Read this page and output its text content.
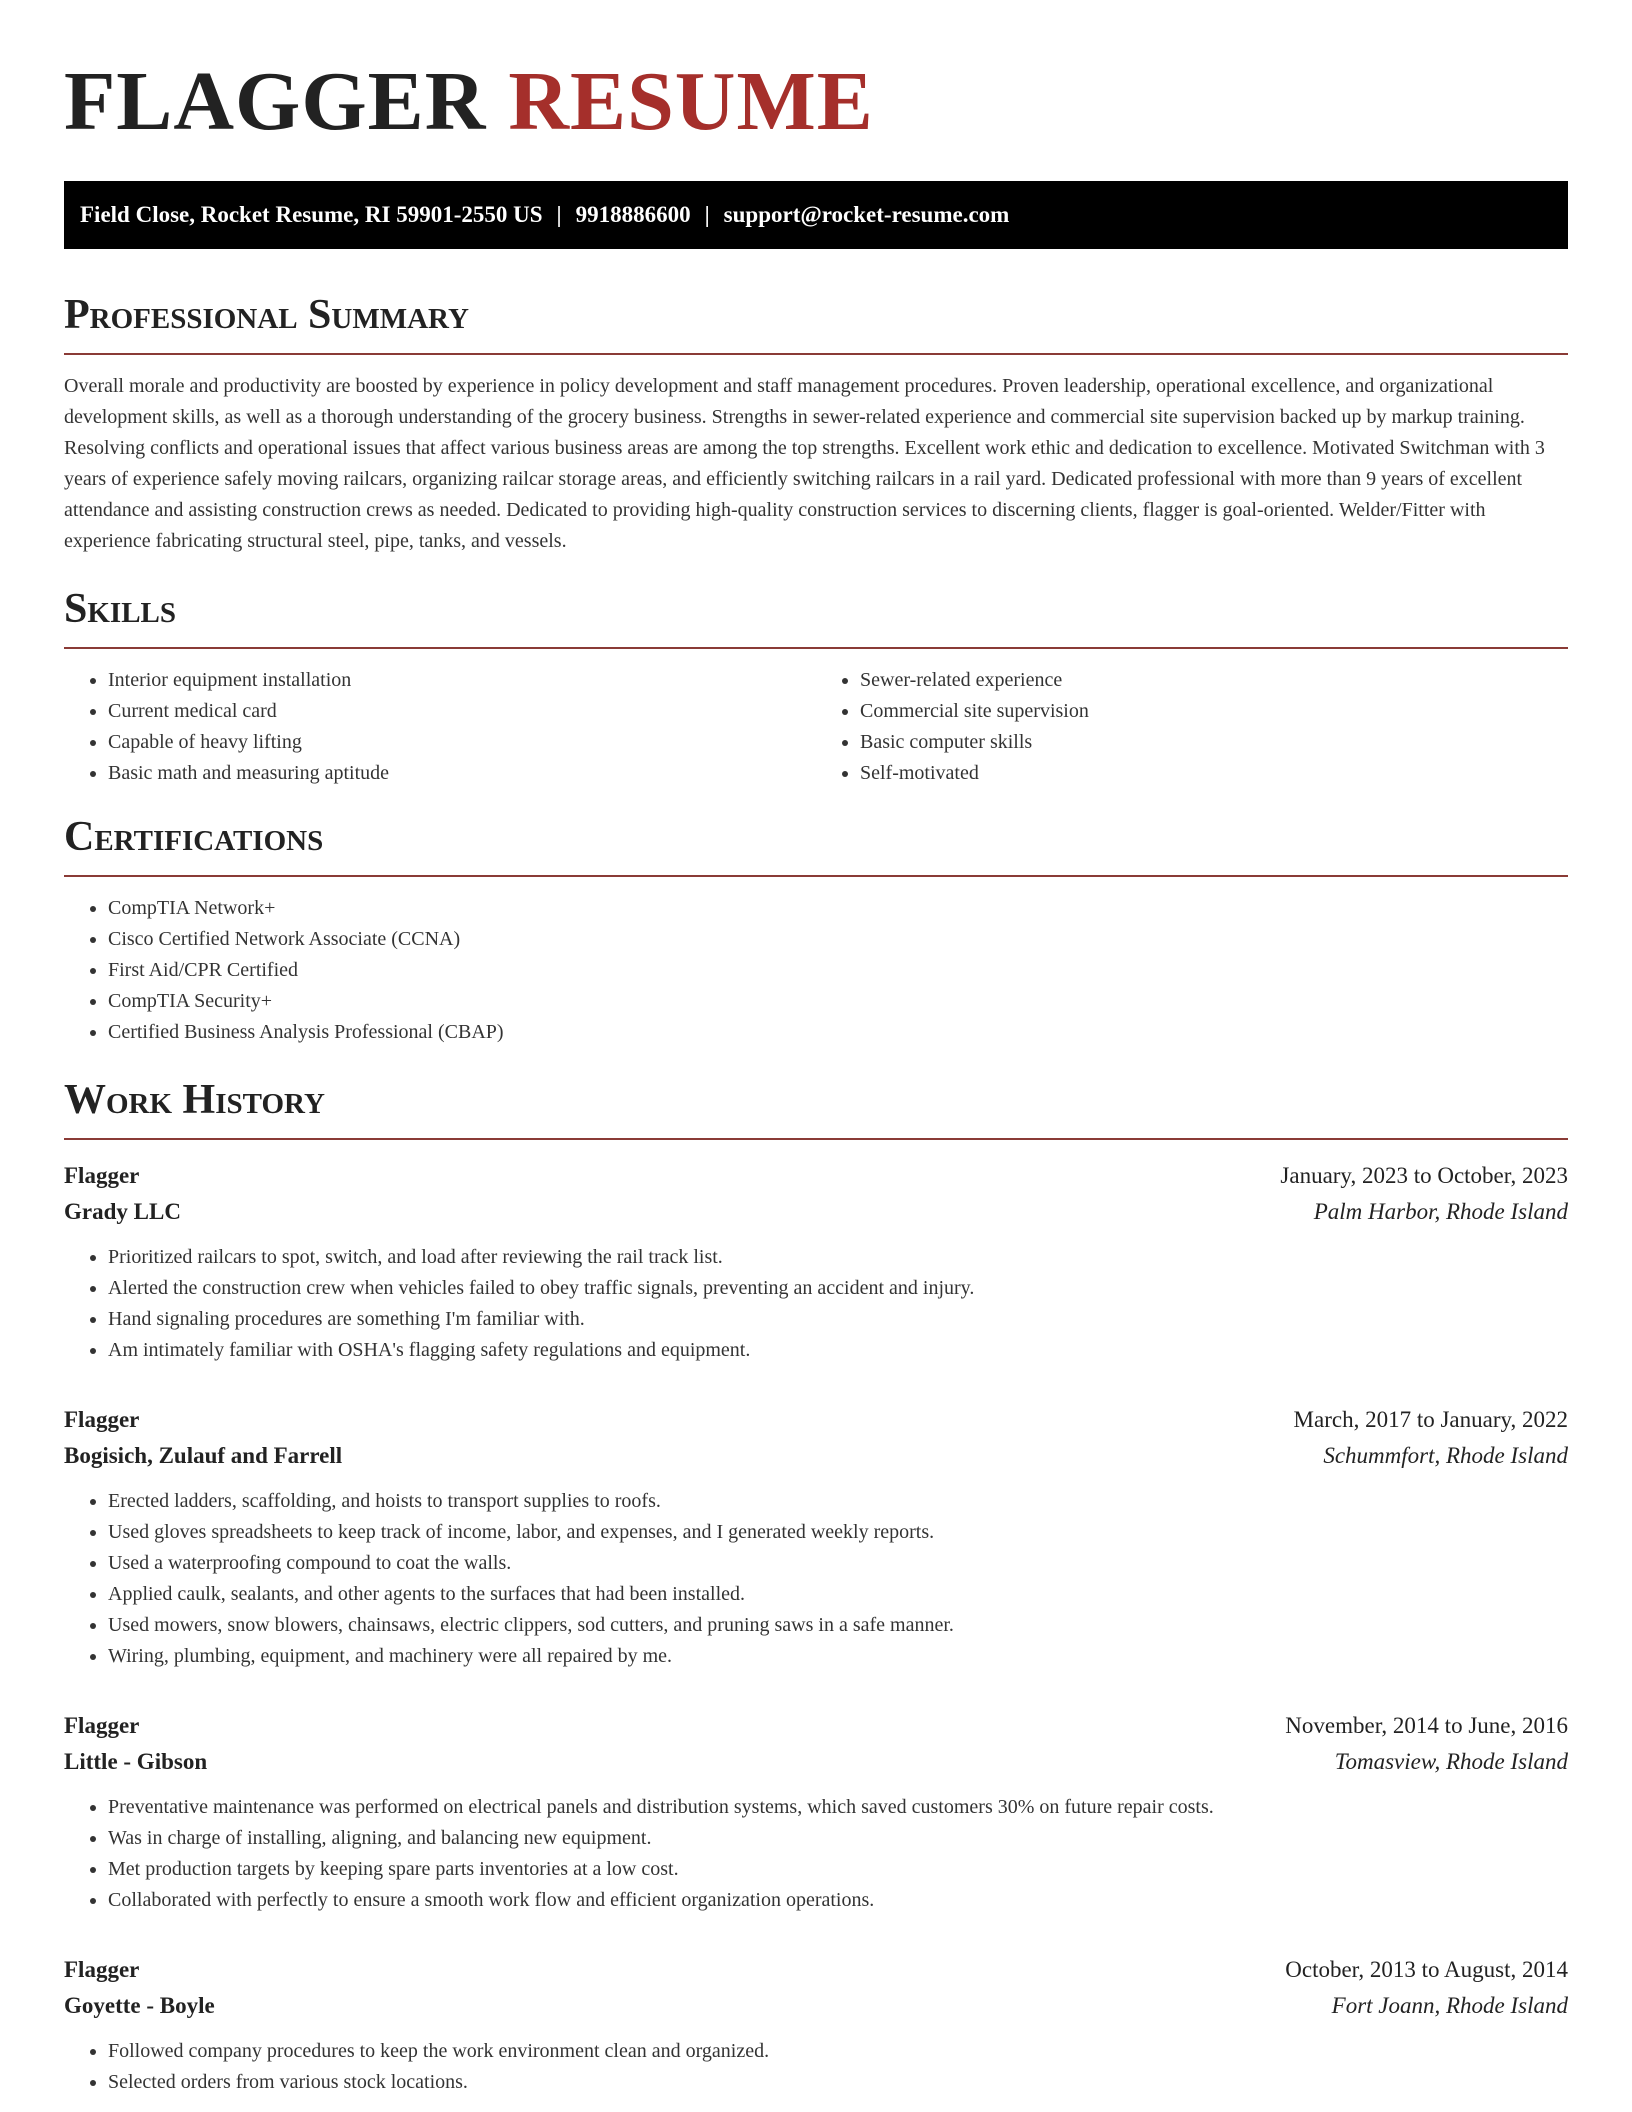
FLAGGER RESUME
Field Close, Rocket Resume, RI 59901-2550 US | 9918886600 | support@rocket-resume.com
Professional Summary

Overall morale and productivity are boosted by experience in policy development and staff management procedures. Proven leadership, operational excellence, and organizational development skills, as well as a thorough understanding of the grocery business. Strengths in sewer-related experience and commercial site supervision backed up by markup training. Resolving conflicts and operational issues that affect various business areas are among the top strengths. Excellent work ethic and dedication to excellence. Motivated Switchman with 3 years of experience safely moving railcars, organizing railcar storage areas, and efficiently switching railcars in a rail yard. Dedicated professional with more than 9 years of excellent attendance and assisting construction crews as needed. Dedicated to providing high-quality construction services to discerning clients, flagger is goal-oriented. Welder/Fitter with experience fabricating structural steel, pipe, tanks, and vessels.

Skills
• Interior equipment installation
• Current medical card
• Capable of heavy lifting
• Basic math and measuring aptitude
• Sewer-related experience
• Commercial site supervision
• Basic computer skills
• Self-motivated
Certifications
• CompTIA Network+
• Cisco Certified Network Associate (CCNA)
• First Aid/CPR Certified
• CompTIA Security+
• Certified Business Analysis Professional (CBAP)
Work History
Flagger	January, 2023 to October, 2023
Grady LLC	Palm Harbor, Rhode Island
• Prioritized railcars to spot, switch, and load after reviewing the rail track list.
• Alerted the construction crew when vehicles failed to obey traffic signals, preventing an accident and injury.
• Hand signaling procedures are something I'm familiar with.
• Am intimately familiar with OSHA's flagging safety regulations and equipment.
Flagger	March, 2017 to January, 2022
Bogisich, Zulauf and Farrell	Schummfort, Rhode Island
• Erected ladders, scaffolding, and hoists to transport supplies to roofs.
• Used gloves spreadsheets to keep track of income, labor, and expenses, and I generated weekly reports.
• Used a waterproofing compound to coat the walls.
• Applied caulk, sealants, and other agents to the surfaces that had been installed.
• Used mowers, snow blowers, chainsaws, electric clippers, sod cutters, and pruning saws in a safe manner.
• Wiring, plumbing, equipment, and machinery were all repaired by me.
Flagger	November, 2014 to June, 2016
Little - Gibson	Tomasview, Rhode Island
• Preventative maintenance was performed on electrical panels and distribution systems, which saved customers 30% on future repair costs.
• Was in charge of installing, aligning, and balancing new equipment.
• Met production targets by keeping spare parts inventories at a low cost.
• Collaborated with perfectly to ensure a smooth work flow and efficient organization operations.
Flagger	October, 2013 to August, 2014
Goyette - Boyle	Fort Joann, Rhode Island
• Followed company procedures to keep the work environment clean and organized.
• Selected orders from various stock locations.
